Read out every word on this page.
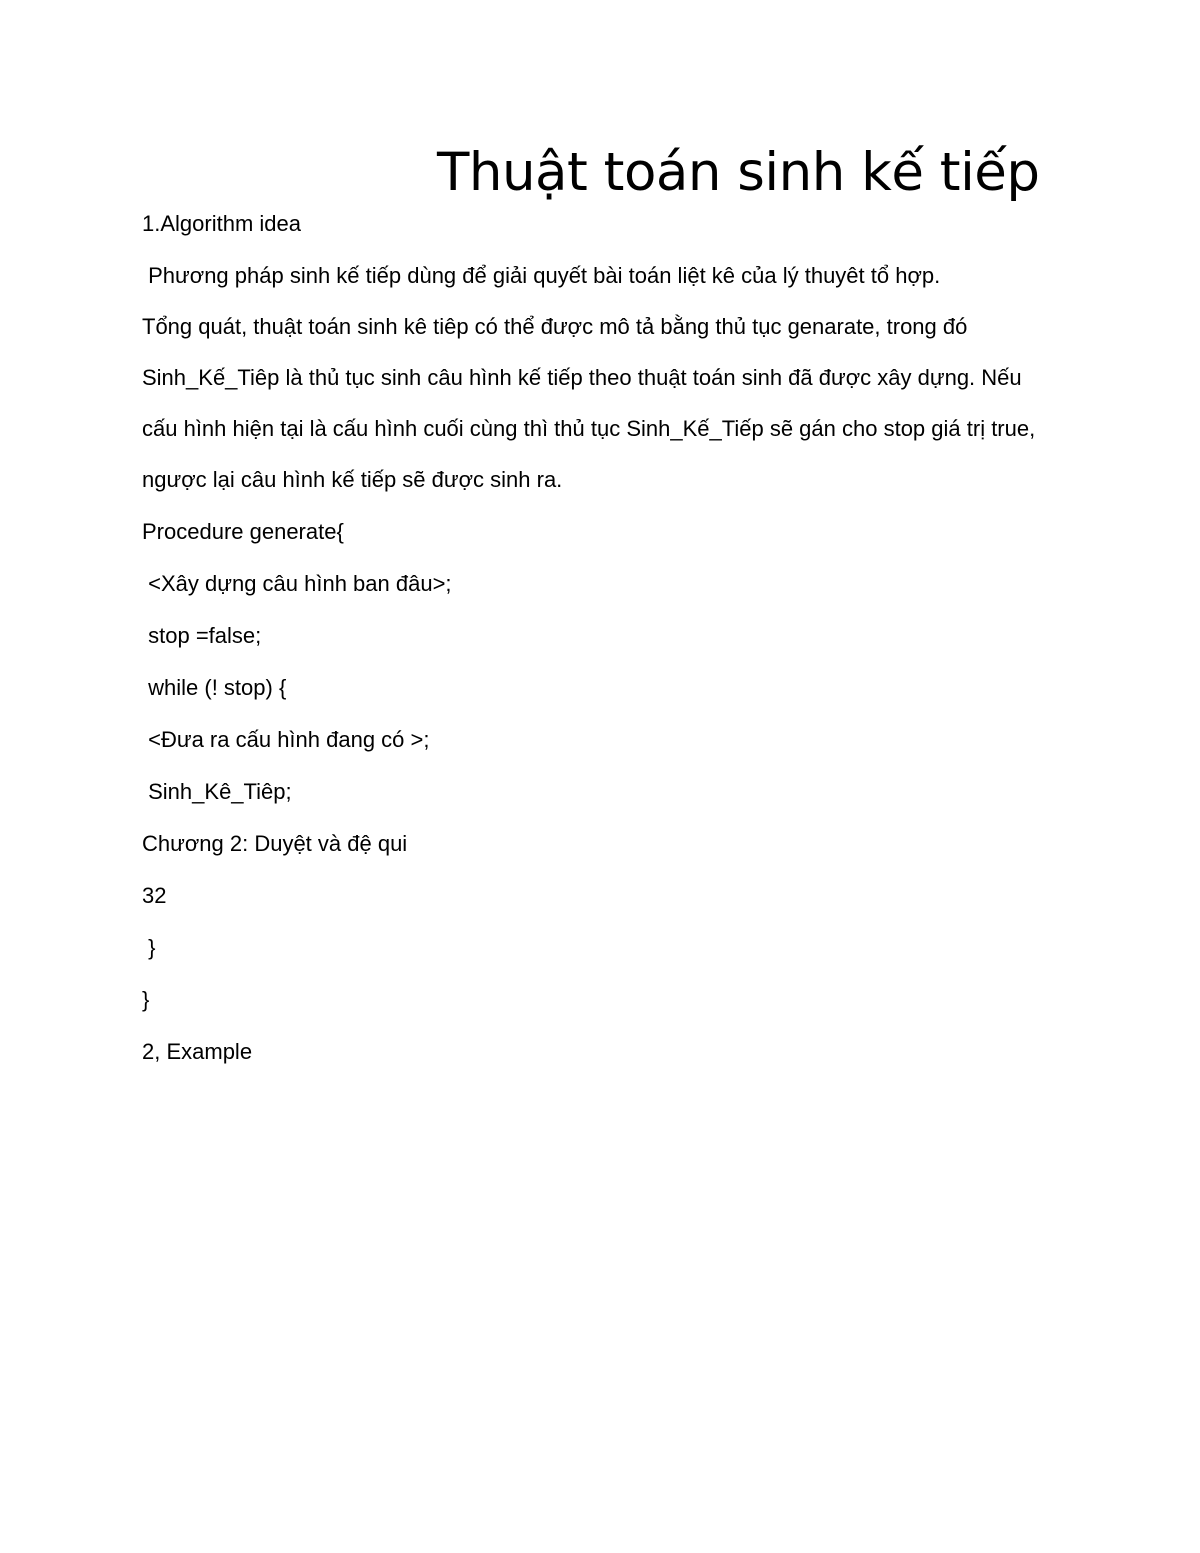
Thuật toán sinh kế tiếp

1.Algorithm idea

Phương pháp sinh kế tiếp dùng để giải quyết bài toán liệt kê của lý thuyêt tổ hợp.

Tổng quát, thuật toán sinh kê tiêp có thể được mô tả bằng thủ tục genarate, trong đó

Sinh_Kế_Tiêp là thủ tục sinh câu hình kế tiếp theo thuật toán sinh đã được xây dựng. Nếu

cấu hình hiện tại là cấu hình cuối cùng thì thủ tục Sinh_Kế_Tiếp sẽ gán cho stop giá trị true,

ngược lại câu hình kế tiếp sẽ được sinh ra.

Procedure generate{

<Xây dựng câu hình ban đâu>;

stop =false;

while (! stop) {

<Đưa ra cấu hình đang có >;

Sinh_Kê_Tiêp;

Chương 2: Duyệt và đệ qui

32

}

}

2, Example
